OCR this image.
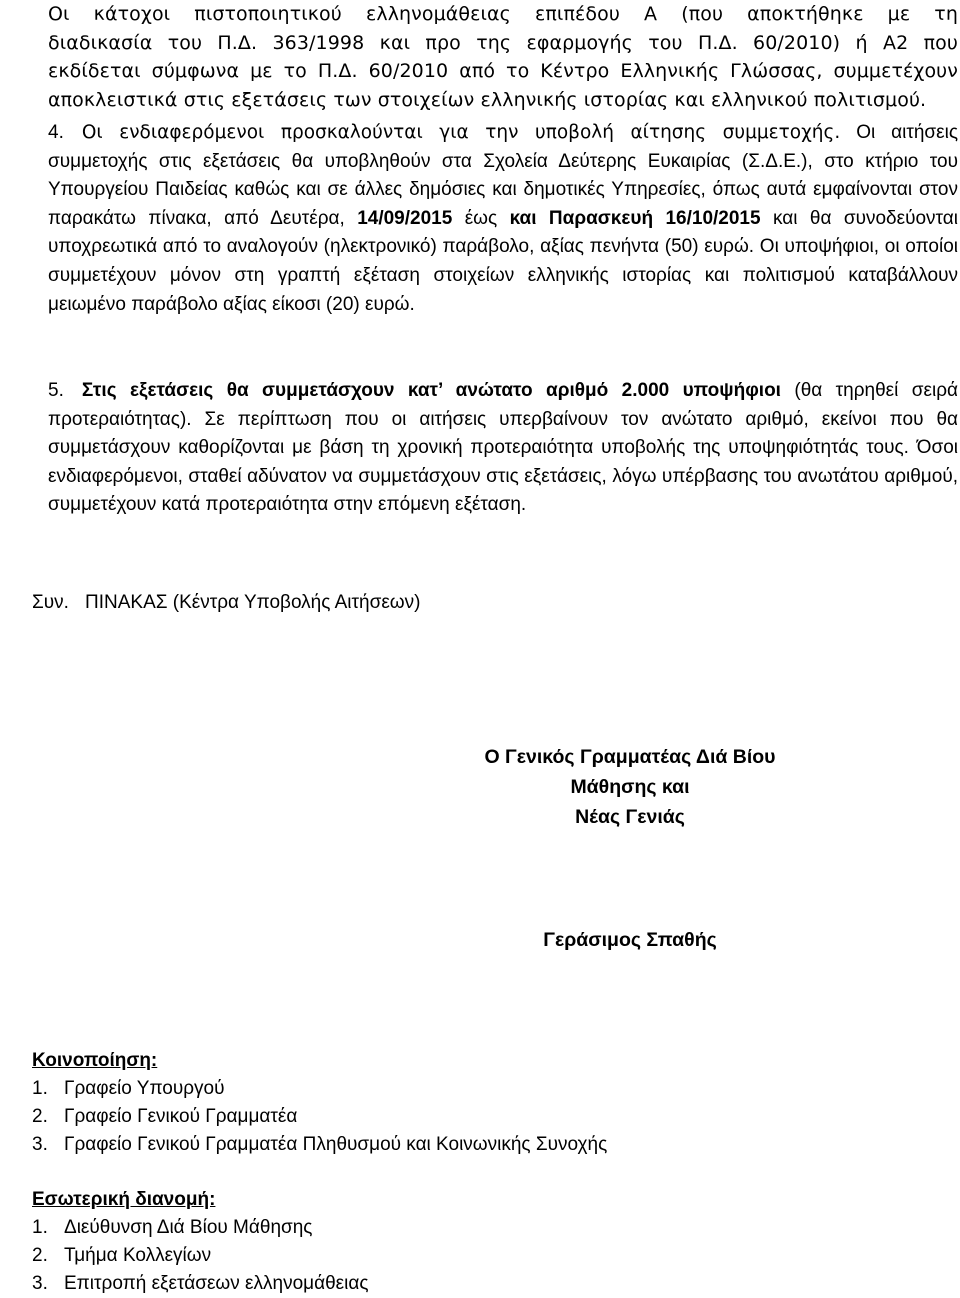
Οι κάτοχοι πιστοποιητικού ελληνομάθειας επιπέδου Α (που αποκτήθηκε με τη

διαδικασία του Π.Δ. 363/1998 και προ της εφαρμογής του Π.Δ. 60/2010) ή Α2 που

εκδίδεται σύμφωνα με το Π.Δ. 60/2010 από το Κέντρο Ελληνικής Γλώσσας, συμμετέχουν

αποκλειστικά στις εξετάσεις των στοιχείων ελληνικής ιστορίας και ελληνικού πολιτισμού.

4. Οι ενδιαφερόμενοι προσκαλούνται για την υποβολή αίτησης συμμετοχής. Οι αιτήσεις συμμετοχής στις εξετάσεις θα υποβληθούν στα Σχολεία Δεύτερης Ευκαιρίας (Σ.Δ.Ε.), στο κτήριο του Υπουργείου Παιδείας καθώς και σε άλλες δημόσιες και δημοτικές Υπηρεσίες, όπως αυτά εμφαίνονται στον παρακάτω πίνακα, από Δευτέρα, 14/09/2015 έως και Παρασκευή 16/10/2015 και θα συνοδεύονται υποχρεωτικά από το αναλογούν (ηλεκτρονικό) παράβολο, αξίας πενήντα (50) ευρώ. Οι υποψήφιοι, οι οποίοι συμμετέχουν μόνον στη γραπτή εξέταση στοιχείων ελληνικής ιστορίας και πολιτισμού καταβάλλουν μειωμένο παράβολο αξίας είκοσι (20) ευρώ.

5. Στις εξετάσεις θα συμμετάσχουν κατ’ ανώτατο αριθμό 2.000 υποψήφιοι (θα τηρηθεί σειρά προτεραιότητας). Σε περίπτωση που οι αιτήσεις υπερβαίνουν τον ανώτατο αριθμό, εκείνοι που θα συμμετάσχουν καθορίζονται με βάση τη χρονική προτεραιότητα υποβολής της υποψηφιότητάς τους. Όσοι ενδιαφερόμενοι, σταθεί αδύνατον να συμμετάσχουν στις εξετάσεις, λόγω υπέρβασης του ανωτάτου αριθμού, συμμετέχουν κατά προτεραιότητα στην επόμενη εξέταση.

Συν. ΠΙΝΑΚΑΣ (Κέντρα Υποβολής Αιτήσεων)
Ο Γενικός Γραμματέας Διά Βίου Μάθησης και
Νέας Γενιάς
Γεράσιμος Σπαθής
Κοινοποίηση:
1. Γραφείο Υπουργού
2. Γραφείο Γενικού Γραμματέα
3. Γραφείο Γενικού Γραμματέα Πληθυσμού και Κοινωνικής Συνοχής
Εσωτερική διανομή:
1. Διεύθυνση Διά Βίου Μάθησης
2. Τμήμα Κολλεγίων
3. Επιτροπή εξετάσεων ελληνομάθειας
